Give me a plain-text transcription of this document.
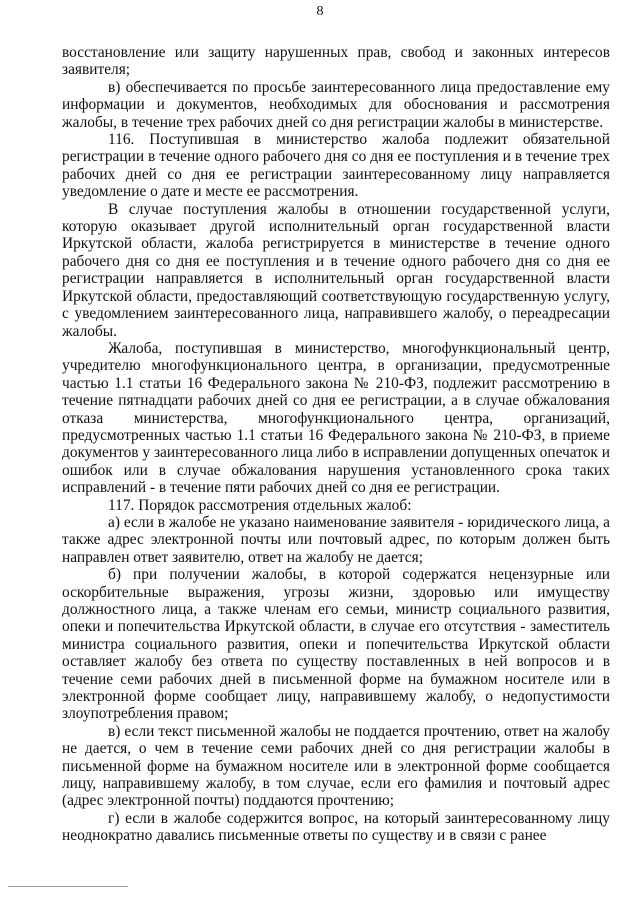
8

восстановление или защиту нарушенных прав, свобод и законных интересов заявителя;

в) обеспечивается по просьбе заинтересованного лица предоставление ему информации и документов, необходимых для обоснования и рассмотрения жалобы, в течение трех рабочих дней со дня регистрации жалобы в министерстве.

116. Поступившая в министерство жалоба подлежит обязательной регистрации в течение одного рабочего дня со дня ее поступления и в течение трех рабочих дней со дня ее регистрации заинтересованному лицу направляется уведомление о дате и месте ее рассмотрения.

В случае поступления жалобы в отношении государственной услуги, которую оказывает другой исполнительный орган государственной власти Иркутской области, жалоба регистрируется в министерстве в течение одного рабочего дня со дня ее поступления и в течение одного рабочего дня со дня ее регистрации направляется в исполнительный орган государственной власти Иркутской области, предоставляющий соответствующую государственную услугу, с уведомлением заинтересованного лица, направившего жалобу, о переадресации жалобы.

Жалоба, поступившая в министерство, многофункциональный центр, учредителю многофункционального центра, в организации, предусмотренные частью 1.1 статьи 16 Федерального закона № 210-ФЗ, подлежит рассмотрению в течение пятнадцати рабочих дней со дня ее регистрации, а в случае обжалования отказа министерства, многофункционального центра, организаций, предусмотренных частью 1.1 статьи 16 Федерального закона № 210-ФЗ, в приеме документов у заинтересованного лица либо в исправлении допущенных опечаток и ошибок или в случае обжалования нарушения установленного срока таких исправлений - в течение пяти рабочих дней со дня ее регистрации.

117. Порядок рассмотрения отдельных жалоб:

а) если в жалобе не указано наименование заявителя - юридического лица, а также адрес электронной почты или почтовый адрес, по которым должен быть направлен ответ заявителю, ответ на жалобу не дается;

б) при получении жалобы, в которой содержатся нецензурные или оскорбительные выражения, угрозы жизни, здоровью или имуществу должностного лица, а также членам его семьи, министр социального развития, опеки и попечительства Иркутской области, в случае его отсутствия - заместитель министра социального развития, опеки и попечительства Иркутской области оставляет жалобу без ответа по существу поставленных в ней вопросов и в течение семи рабочих дней в письменной форме на бумажном носителе или в электронной форме сообщает лицу, направившему жалобу, о недопустимости злоупотребления правом;

в) если текст письменной жалобы не поддается прочтению, ответ на жалобу не дается, о чем в течение семи рабочих дней со дня регистрации жалобы в письменной форме на бумажном носителе или в электронной форме сообщается лицу, направившему жалобу, в том случае, если его фамилия и почтовый адрес (адрес электронной почты) поддаются прочтению;

г) если в жалобе содержится вопрос, на который заинтересованному лицу неоднократно давались письменные ответы по существу и в связи с ранее
